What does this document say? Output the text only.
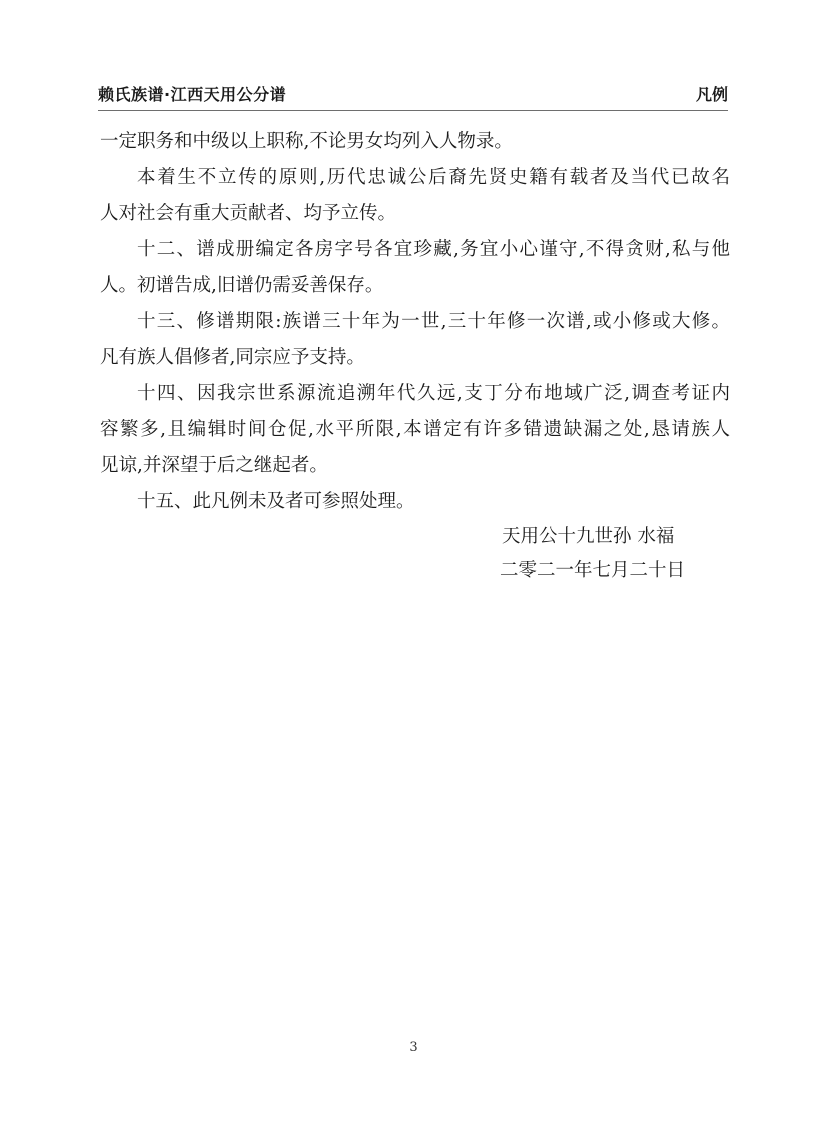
赖氏族谱·江西天用公分谱	凡例
一定职务和中级以上职称,不论男女均列入人物录。
本着生不立传的原则,历代忠诚公后裔先贤史籍有载者及当代已故名
人对社会有重大贡献者、均予立传。
十二、谱成册编定各房字号各宜珍藏,务宜小心谨守,不得贪财,私与他
人。初谱告成,旧谱仍需妥善保存。
十三、修谱期限:族谱三十年为一世,三十年修一次谱,或小修或大修。
凡有族人倡修者,同宗应予支持。
十四、因我宗世系源流追溯年代久远,支丁分布地域广泛,调查考证内
容繁多,且编辑时间仓促,水平所限,本谱定有许多错遗缺漏之处,恳请族人
见谅,并深望于后之继起者。
十五、此凡例未及者可参照处理。
天用公十九世孙 水福
二零二一年七月二十日
3
